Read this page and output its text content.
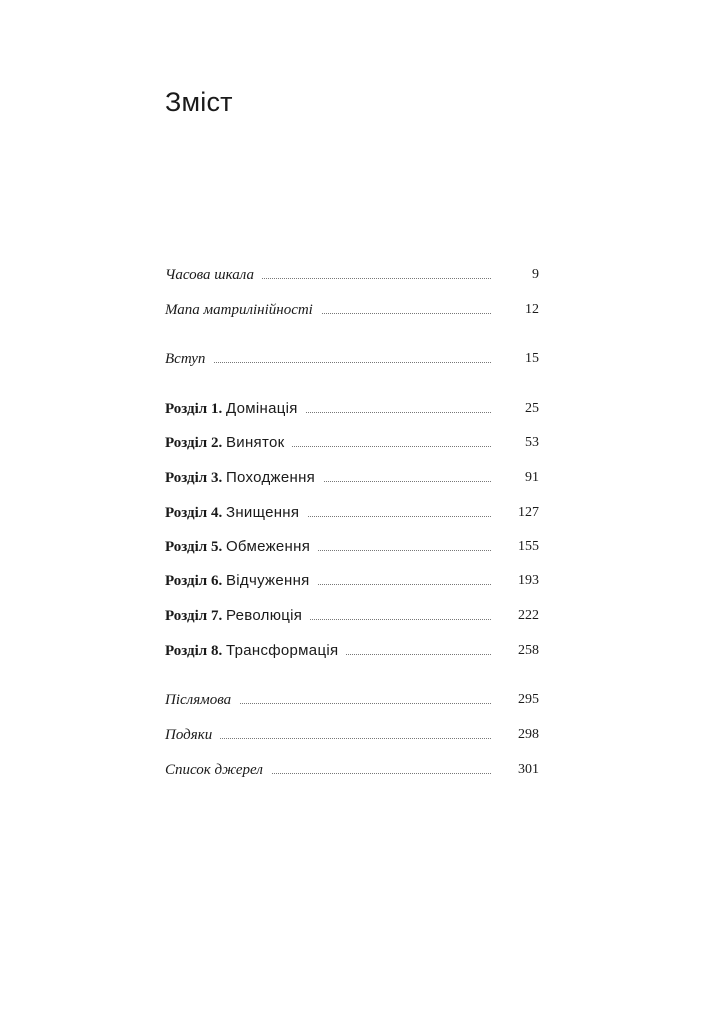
Зміст
Часова шкала	9
Мапа матрилінійності	12
Вступ	15
Розділ 1. Домінація	25
Розділ 2. Виняток	53
Розділ 3. Походження	91
Розділ 4. Знищення	127
Розділ 5. Обмеження	155
Розділ 6. Відчуження	193
Розділ 7. Революція	222
Розділ 8. Трансформація	258
Післямова	295
Подяки	298
Список джерел	301
